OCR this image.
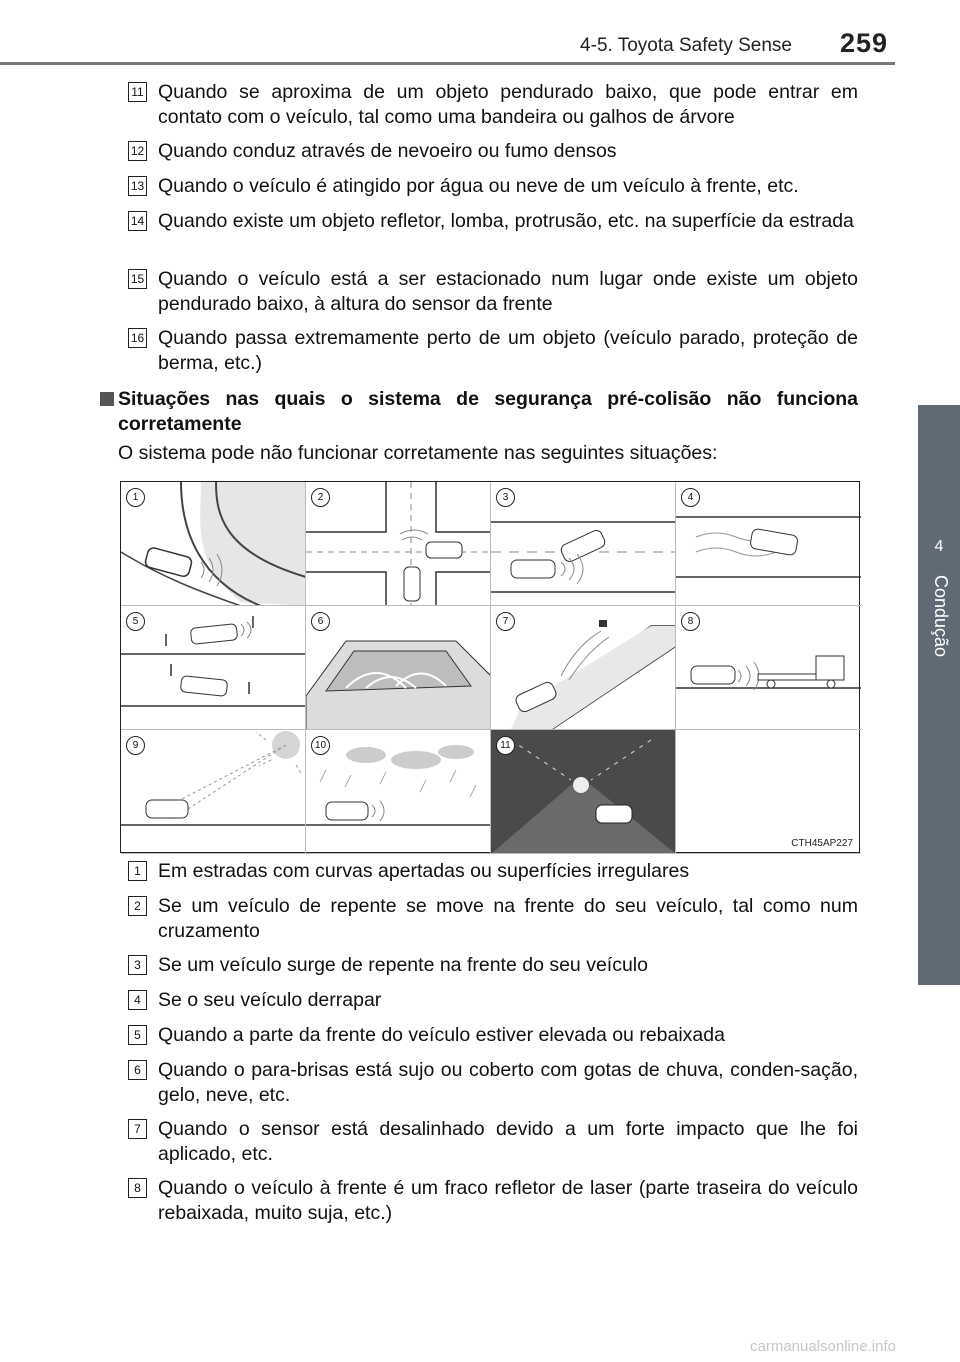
4-5. Toyota Safety Sense 259
4
Condução
11 Quando se aproxima de um objeto pendurado baixo, que pode entrar em contato com o veículo, tal como uma bandeira ou galhos de árvore
12 Quando conduz através de nevoeiro ou fumo densos
13 Quando o veículo é atingido por água ou neve de um veículo à frente, etc.
14 Quando existe um objeto refletor, lomba, protrusão, etc. na superfície da estrada
15 Quando o veículo está a ser estacionado num lugar onde existe um objeto pendurado baixo, à altura do sensor da frente
16 Quando passa extremamente perto de um objeto (veículo parado, proteção de berma, etc.)
Situações nas quais o sistema de segurança pré-colisão não funciona corretamente
O sistema pode não funcionar corretamente nas seguintes situações:
1	2	3	4
5	6	7	8
9	10	11
CTH45AP227
1 Em estradas com curvas apertadas ou superfícies irregulares
2 Se um veículo de repente se move na frente do seu veículo, tal como num cruzamento
3 Se um veículo surge de repente na frente do seu veículo
4 Se o seu veículo derrapar
5 Quando a parte da frente do veículo estiver elevada ou rebaixada
6 Quando o para-brisas está sujo ou coberto com gotas de chuva, conden-sação, gelo, neve, etc.
7 Quando o sensor está desalinhado devido a um forte impacto que lhe foi aplicado, etc.
8 Quando o veículo à frente é um fraco refletor de laser (parte traseira do veículo rebaixada, muito suja, etc.)
carmanualsonline.info
